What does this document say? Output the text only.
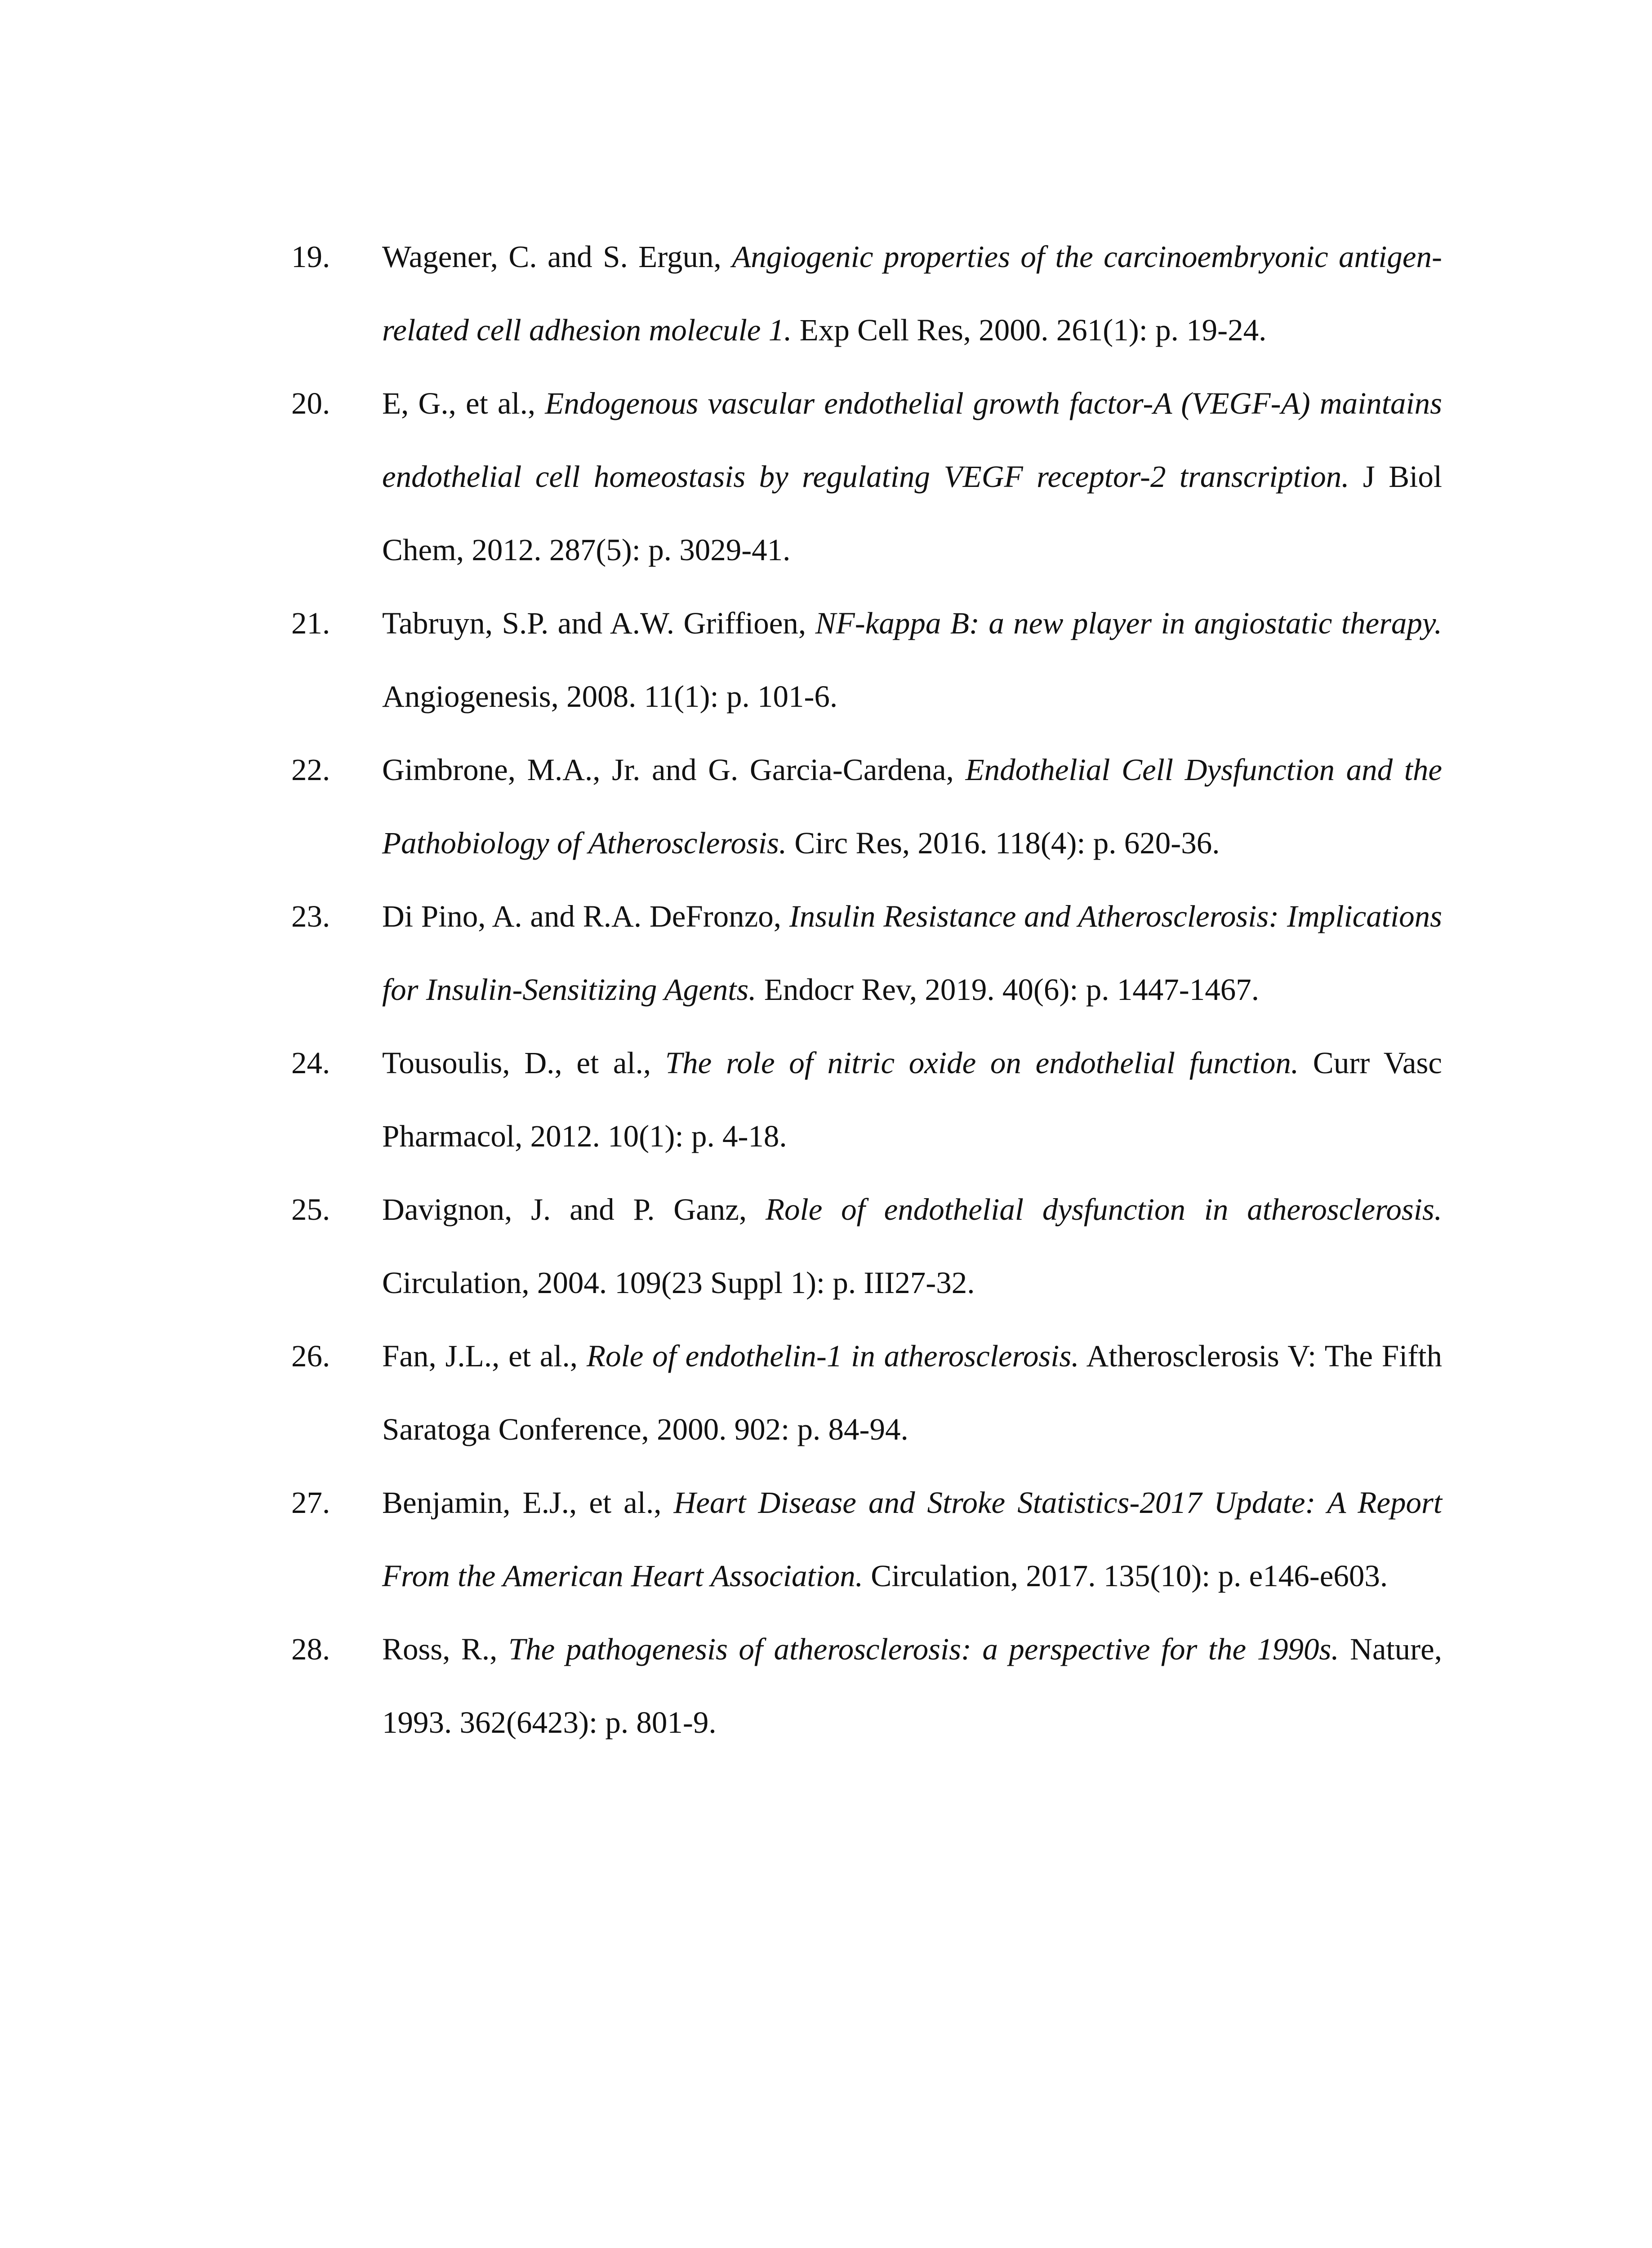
19. Wagener, C. and S. Ergun, Angiogenic properties of the carcinoembryonic antigen-related cell adhesion molecule 1. Exp Cell Res, 2000. 261(1): p. 19-24.
20. E, G., et al., Endogenous vascular endothelial growth factor-A (VEGF-A) maintains endothelial cell homeostasis by regulating VEGF receptor-2 transcription. J Biol Chem, 2012. 287(5): p. 3029-41.
21. Tabruyn, S.P. and A.W. Griffioen, NF-kappa B: a new player in angiostatic therapy. Angiogenesis, 2008. 11(1): p. 101-6.
22. Gimbrone, M.A., Jr. and G. Garcia-Cardena, Endothelial Cell Dysfunction and the Pathobiology of Atherosclerosis. Circ Res, 2016. 118(4): p. 620-36.
23. Di Pino, A. and R.A. DeFronzo, Insulin Resistance and Atherosclerosis: Implications for Insulin-Sensitizing Agents. Endocr Rev, 2019. 40(6): p. 1447-1467.
24. Tousoulis, D., et al., The role of nitric oxide on endothelial function. Curr Vasc Pharmacol, 2012. 10(1): p. 4-18.
25. Davignon, J. and P. Ganz, Role of endothelial dysfunction in atherosclerosis. Circulation, 2004. 109(23 Suppl 1): p. III27-32.
26. Fan, J.L., et al., Role of endothelin-1 in atherosclerosis. Atherosclerosis V: The Fifth Saratoga Conference, 2000. 902: p. 84-94.
27. Benjamin, E.J., et al., Heart Disease and Stroke Statistics-2017 Update: A Report From the American Heart Association. Circulation, 2017. 135(10): p. e146-e603.
28. Ross, R., The pathogenesis of atherosclerosis: a perspective for the 1990s. Nature, 1993. 362(6423): p. 801-9.
